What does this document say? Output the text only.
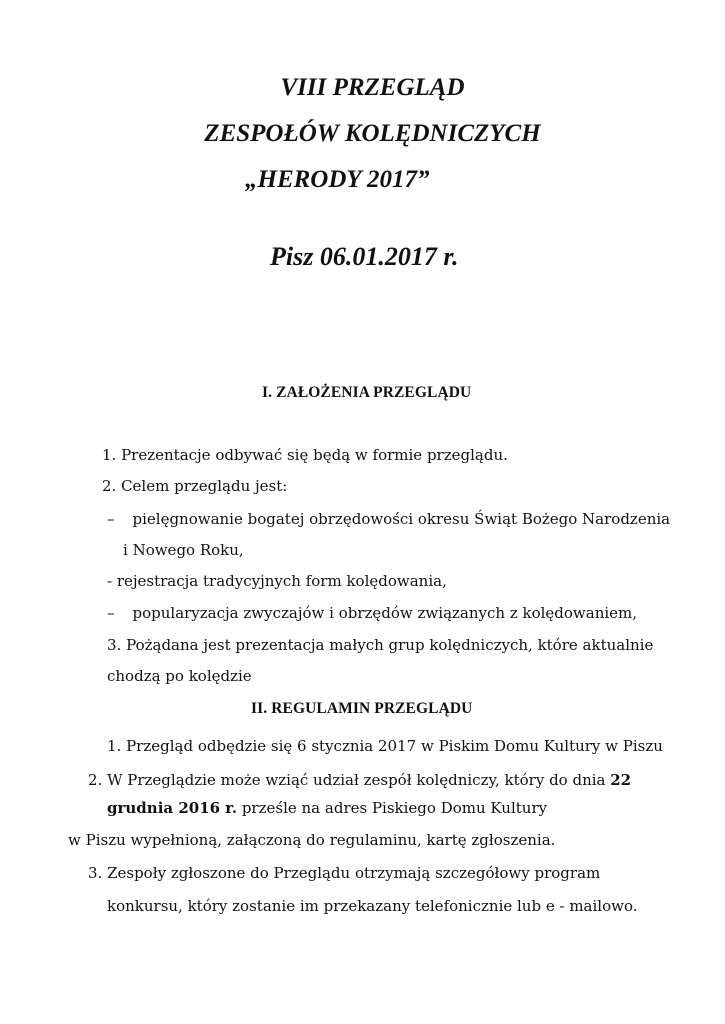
VIII PRZEGLĄD
ZESPOŁÓW KOLĘDNICZYCH
„HERODY 2017”
Pisz 06.01.2017 r.
I. ZAŁOŻENIA PRZEGLĄDU
1. Prezentacje odbywać się będą w formie przeglądu.
2. Celem przeglądu jest:
– pielęgnowanie bogatej obrzędowości okresu Świąt Bożego Narodzenia
i Nowego Roku,
- rejestracja tradycyjnych form kolędowania,
– popularyzacja zwyczajów i obrzędów związanych z kolędowaniem,
3. Pożądana jest prezentacja małych grup kolędniczych, które aktualnie
chodzą po kolędzie
II. REGULAMIN PRZEGLĄDU
1. Przegląd odbędzie się 6 stycznia 2017 w Piskim Domu Kultury w Piszu
2. W Przeglądzie może wziąć udział zespół kolędniczy, który do dnia 22
grudnia 2016 r. prześle na adres Piskiego Domu Kultury
w Piszu wypełnioną, załączoną do regulaminu, kartę zgłoszenia.
3. Zespoły zgłoszone do Przeglądu otrzymają szczegółowy program
konkursu, który zostanie im przekazany telefonicznie lub e - mailowo.
